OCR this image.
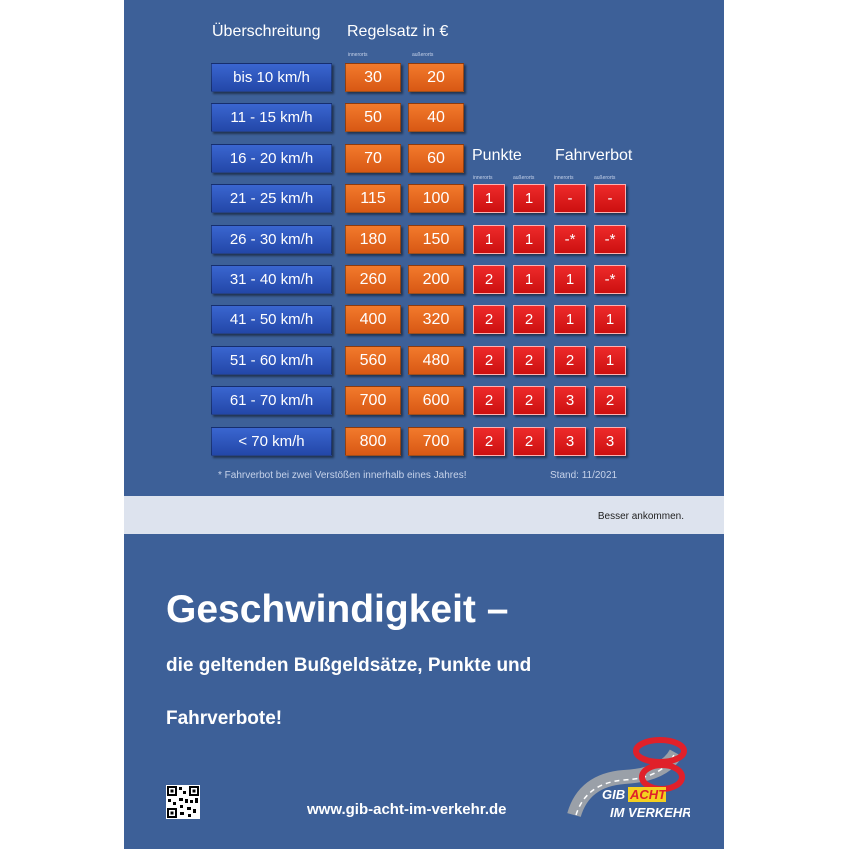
Überschreitung Regelsatz in €
innerorts	außerorts
Punkte Fahrverbot
innerorts	außerorts	innerorts	außerorts
bis 10 km/h	30	20
11 - 15 km/h	50	40
16 - 20 km/h	70	60
21 - 25 km/h	115	100	1	1	-	-
26 - 30 km/h	180	150	1	1	-*	-*
31 - 40 km/h	260	200	2	1	1	-*
41 - 50 km/h	400	320	2	2	1	1
51 - 60 km/h	560	480	2	2	2	1
61 - 70 km/h	700	600	2	2	3	2
< 70 km/h	800	700	2	2	3	3
* Fahrverbot bei zwei Verstößen innerhalb eines Jahres!	Stand: 11/2021
Besser ankommen.
Geschwindigkeit –
die geltenden Bußgeldsätze, Punkte und
Fahrverbote!
www.gib-acht-im-verkehr.de
GIB ACHT
IM VERKEHR
